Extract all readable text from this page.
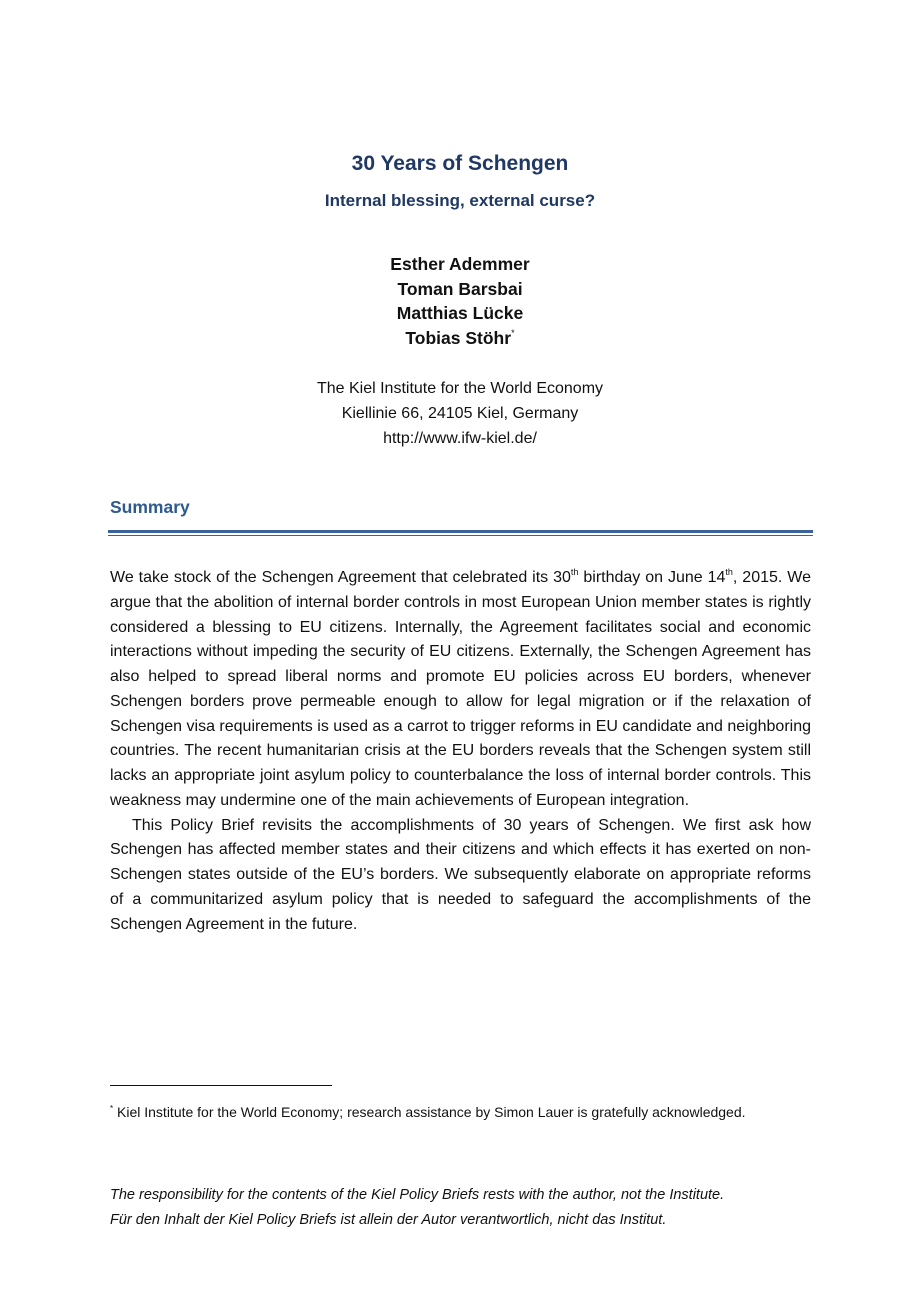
30 Years of Schengen
Internal blessing, external curse?
Esther Ademmer
Toman Barsbai
Matthias Lücke
Tobias Stöhr*
The Kiel Institute for the World Economy
Kiellinie 66, 24105 Kiel, Germany
http://www.ifw-kiel.de/
Summary

We take stock of the Schengen Agreement that celebrated its 30th birthday on June 14th, 2015. We argue that the abolition of internal border controls in most European Union member states is rightly considered a blessing to EU citizens. Internally, the Agreement facilitates social and economic interactions without impeding the security of EU citizens. Externally, the Schengen Agreement has also helped to spread liberal norms and promote EU policies across EU borders, whenever Schengen borders prove permeable enough to allow for legal migration or if the relaxation of Schengen visa requirements is used as a carrot to trigger reforms in EU candidate and neighboring countries. The recent humanitarian crisis at the EU borders reveals that the Schengen system still lacks an appropriate joint asylum policy to counterbalance the loss of internal border controls. This weakness may undermine one of the main achievements of European integration.

This Policy Brief revisits the accomplishments of 30 years of Schengen. We first ask how Schengen has affected member states and their citizens and which effects it has exerted on non-Schengen states outside of the EU’s borders. We subsequently elaborate on appropriate reforms of a communitarized asylum policy that is needed to safeguard the accomplishments of the Schengen Agreement in the future.

* Kiel Institute for the World Economy; research assistance by Simon Lauer is gratefully acknowledged.
The responsibility for the contents of the Kiel Policy Briefs rests with the author, not the Institute.
Für den Inhalt der Kiel Policy Briefs ist allein der Autor verantwortlich, nicht das Institut.
